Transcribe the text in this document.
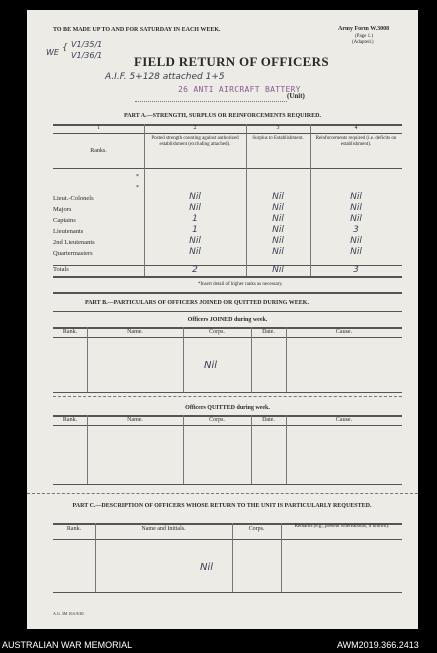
TO BE MADE UP TO AND FOR SATURDAY IN EACH WEEK.	Army Form W.3008
(Page 1.)
(Adapted.)
WE { V1/35/1
V1/36/1 FIELD RETURN OF OFFICERS
A.I.F. 5+128 attached 1+5
26 ANTI AIRCRAFT BATTERY
(Unit)
PART A.—STRENGTH, SURPLUS OR REINFORCEMENTS REQUIRED.
1	2	3	4
Ranks.
Posted strength counting against authorized establishment (excluding attached).
Surplus to Establishment.	Reinforcements required (i.e. deficits on establishment).
*
*
Lieut.-Colonels	Nil	Nil	Nil
Majors	Nil	Nil	Nil
Captains	1	Nil	Nil
Lieutenants	1	Nil	3
2nd Lieutenants	Nil	Nil	Nil
Quartermasters	Nil	Nil	Nil
Totals	2	Nil	3
*Insert detail of higher ranks as necessary.
PART B.—PARTICULARS OF OFFICERS JOINED OR QUITTED DURING WEEK.
Officers JOINED during week.
Rank.	Name.	Corps.	Date.	Cause.
Nil
Officers QUITTED during week.
Rank.	Name.	Corps.	Date.	Cause.
PART C.—DESCRIPTION OF OFFICERS WHOSE RETURN TO THE UNIT IS PARTICULARLY REQUESTED.
Rank.	Name and Initials.	Corps.	Remarks (e.g., present whereabouts, if known).
Nil
A.G. 3M 10.6 8/40
AUSTRALIAN WAR MEMORIAL	AWM2019.366.2413
